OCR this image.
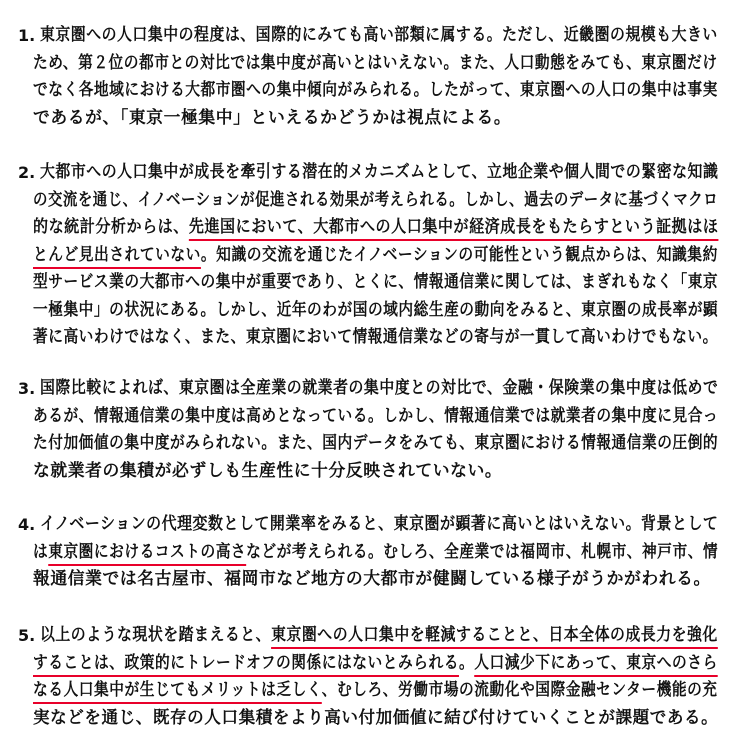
1. 東京圏への人口集中の程度は、国際的にみても高い部類に属する。ただし、近畿圏の規模も大きい
ため、第２位の都市との対比では集中度が高いとはいえない。また、人口動態をみても、東京圏だけ
でなく各地域における大都市圏への集中傾向がみられる。したがって、東京圏への人口の集中は事実
であるが、「東京一極集中」といえるかどうかは視点による。
2. 大都市への人口集中が成長を牽引する潜在的メカニズムとして、立地企業や個人間での緊密な知識
の交流を通じ、イノベーションが促進される効果が考えられる。しかし、過去のデータに基づくマクロ
的な統計分析からは、先進国において、大都市への人口集中が経済成長をもたらすという証拠はほ
とんど見出されていない。知識の交流を通じたイノベーションの可能性という観点からは、知識集約
型サービス業の大都市への集中が重要であり、とくに、情報通信業に関しては、まぎれもなく「東京
一極集中」の状況にある。しかし、近年のわが国の域内総生産の動向をみると、東京圏の成長率が顕
著に高いわけではなく、また、東京圏において情報通信業などの寄与が一貫して高いわけでもない。
3. 国際比較によれば、東京圏は全産業の就業者の集中度との対比で、金融・保険業の集中度は低めで
あるが、情報通信業の集中度は高めとなっている。しかし、情報通信業では就業者の集中度に見合っ
た付加価値の集中度がみられない。また、国内データをみても、東京圏における情報通信業の圧倒的
な就業者の集積が必ずしも生産性に十分反映されていない。
4. イノベーションの代理変数として開業率をみると、東京圏が顕著に高いとはいえない。背景として
は東京圏におけるコストの高さなどが考えられる。むしろ、全産業では福岡市、札幌市、神戸市、情
報通信業では名古屋市、福岡市など地方の大都市が健闘している様子がうかがわれる。
5. 以上のような現状を踏まえると、東京圏への人口集中を軽減することと、日本全体の成長力を強化
することは、政策的にトレードオフの関係にはないとみられる。人口減少下にあって、東京へのさら
なる人口集中が生じてもメリットは乏しく、むしろ、労働市場の流動化や国際金融センター機能の充
実などを通じ、既存の人口集積をより高い付加価値に結び付けていくことが課題である。
